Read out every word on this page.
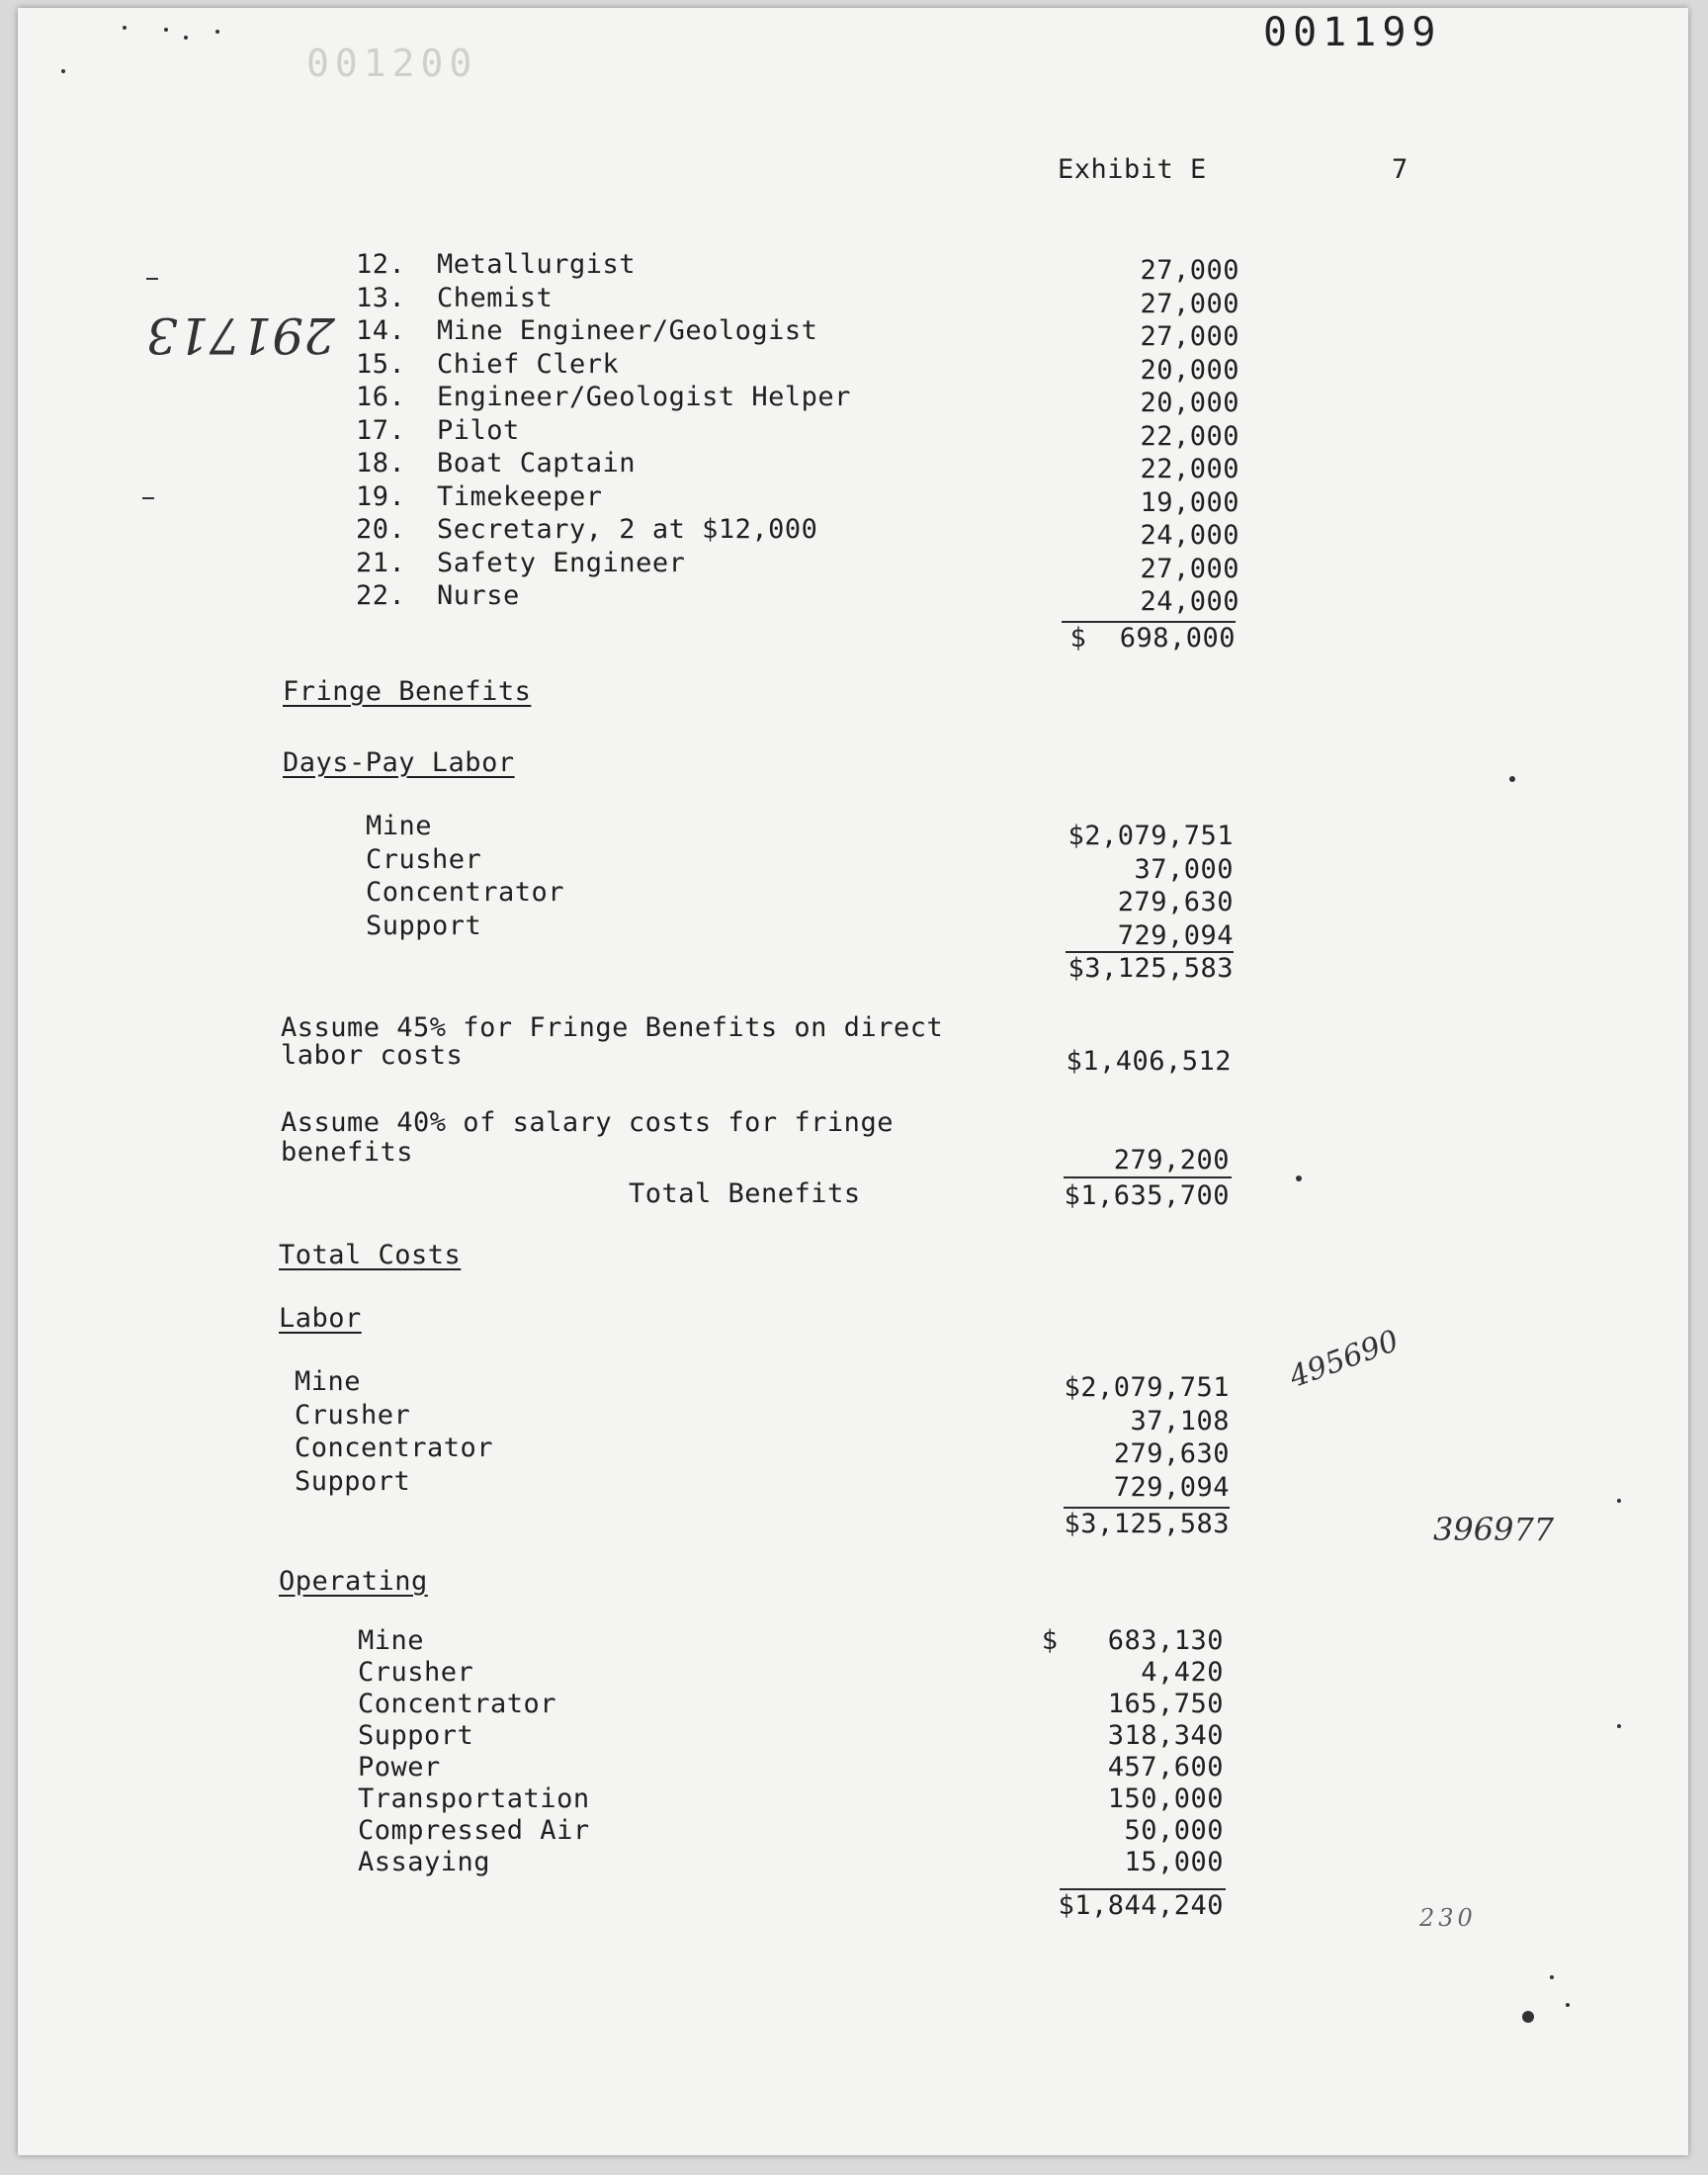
001199
001200
291713
Exhibit E	7
12. Metallurgist	27,000
13. Chemist	27,000
14. Mine Engineer/Geologist	27,000
15. Chief Clerk	20,000
16. Engineer/Geologist Helper	20,000
17. Pilot	22,000
18. Boat Captain	22,000
19. Timekeeper	19,000
20. Secretary, 2 at $12,000	24,000
21. Safety Engineer	27,000
22. Nurse	24,000
$  698,000
Fringe Benefits
Days-Pay Labor
Mine	$2,079,751
Crusher	37,000
Concentrator	279,630
Support	729,094
$3,125,583
Assume 45% for Fringe Benefits on direct
labor costs	$1,406,512
Assume 40% of salary costs for fringe
benefits	279,200
Total Benefits	$1,635,700
Total Costs
Labor
Mine	$2,079,751
Crusher	37,108
Concentrator	279,630
Support	729,094
$3,125,583
Operating
Mine	$   683,130
Crusher	4,420
Concentrator	165,750
Support	318,340
Power	457,600
Transportation	150,000
Compressed Air	50,000
Assaying	15,000
$1,844,240
495690
396977
230
